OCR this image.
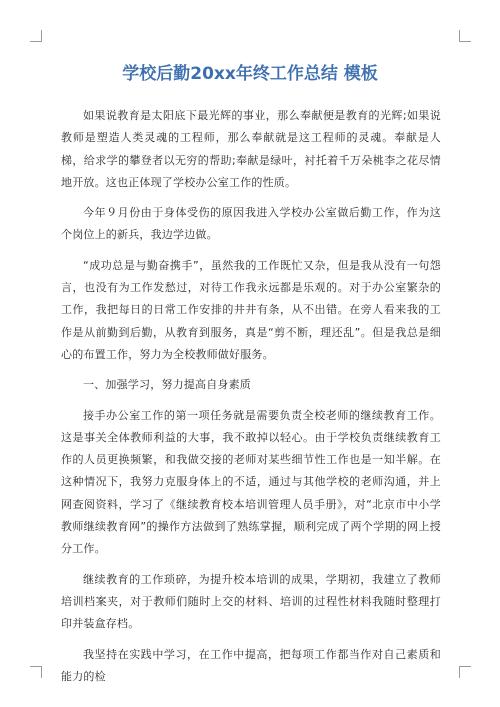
学校后勤20xx年终工作总结 模板

如果说教育是太阳底下最光辉的事业，那么奉献便是教育的光辉;如果说教师是塑造人类灵魂的工程师，那么奉献就是这工程师的灵魂。奉献是人梯，给求学的攀登者以无穷的帮助;奉献是绿叶，衬托着千万朵桃李之花尽情地开放。这也正体现了学校办公室工作的性质。

今年９月份由于身体受伤的原因我进入学校办公室做后勤工作，作为这个岗位上的新兵，我边学边做。

“成功总是与勤奋携手”，虽然我的工作既忙又杂，但是我从没有一句怨言，也没有为工作发愁过，对待工作我永远都是乐观的。对于办公室繁杂的工作，我把每日的日常工作安排的井井有条，从不出错。在旁人看来我的工作是从前勤到后勤，从教育到服务，真是“剪不断，理还乱”。但是我总是细心的布置工作，努力为全校教师做好服务。

一、加强学习，努力提高自身素质

接手办公室工作的第一项任务就是需要负责全校老师的继续教育工作。这是事关全体教师利益的大事，我不敢掉以轻心。由于学校负责继续教育工作的人员更换频繁，和我做交接的老师对某些细节性工作也是一知半解。在这种情况下，我努力克服身体上的不适，通过与其他学校的老师沟通，并上网查阅资料，学习了《继续教育校本培训管理人员手册》，对“北京市中小学教师继续教育网”的操作方法做到了熟练掌握，顺利完成了两个学期的网上授分工作。

继续教育的工作琐碎，为提升校本培训的成果，学期初，我建立了教师培训档案夹，对于教师们随时上交的材料、培训的过程性材料我随时整理打印并装盒存档。

我坚持在实践中学习，在工作中提高，把每项工作都当作对自己素质和能力的检
